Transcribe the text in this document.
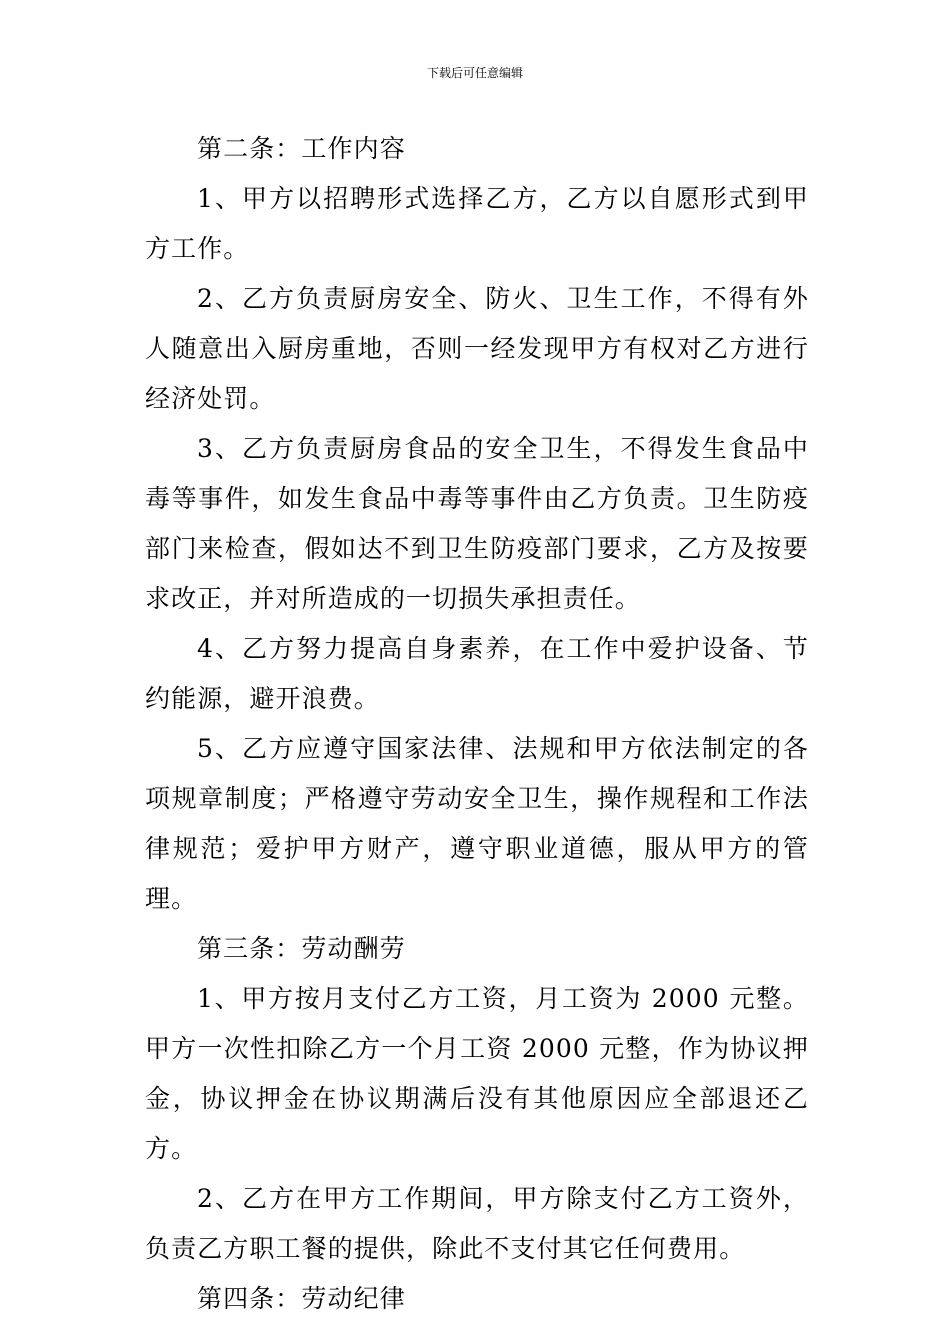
下载后可任意编辑

第二条：工作内容

1、甲方以招聘形式选择乙方，乙方以自愿形式到甲方工作。

2、乙方负责厨房安全、防火、卫生工作，不得有外人随意出入厨房重地，否则一经发现甲方有权对乙方进行经济处罚。

3、乙方负责厨房食品的安全卫生，不得发生食品中毒等事件，如发生食品中毒等事件由乙方负责。卫生防疫部门来检查，假如达不到卫生防疫部门要求，乙方及按要求改正，并对所造成的一切损失承担责任。

4、乙方努力提高自身素养，在工作中爱护设备、节约能源，避开浪费。

5、乙方应遵守国家法律、法规和甲方依法制定的各项规章制度；严格遵守劳动安全卫生，操作规程和工作法律规范；爱护甲方财产，遵守职业道德，服从甲方的管理。

第三条：劳动酬劳

1、甲方按月支付乙方工资，月工资为 2000 元整。甲方一次性扣除乙方一个月工资 2000 元整，作为协议押金，协议押金在协议期满后没有其他原因应全部退还乙方。

2、乙方在甲方工作期间，甲方除支付乙方工资外，负责乙方职工餐的提供，除此不支付其它任何费用。

第四条：劳动纪律
